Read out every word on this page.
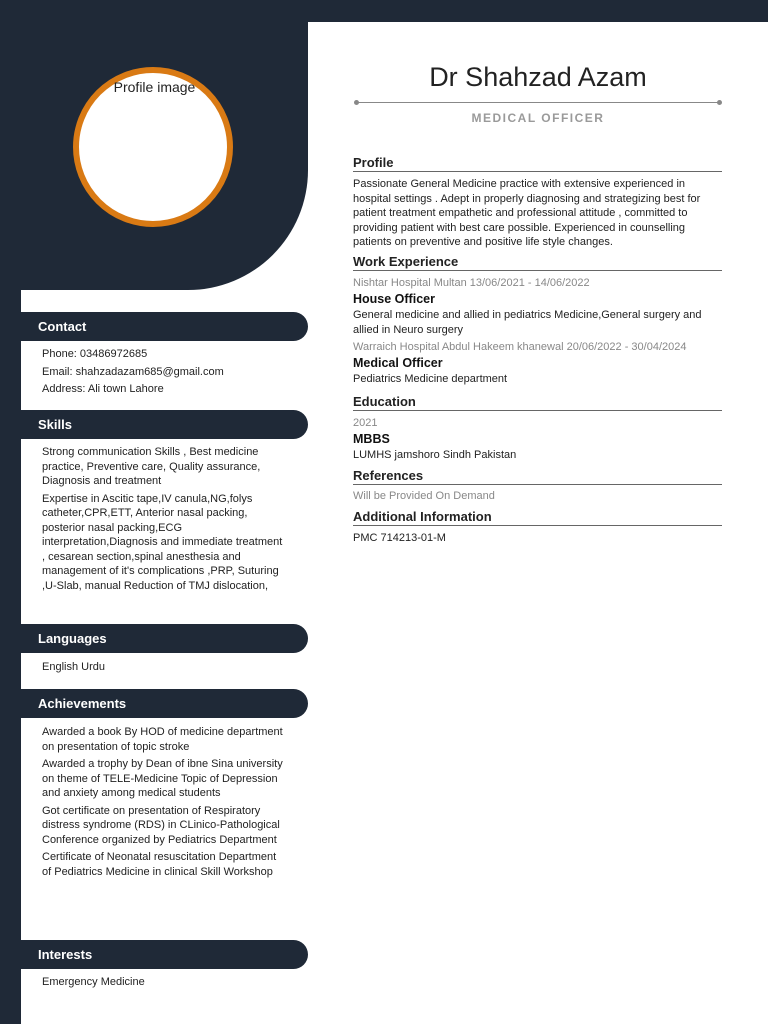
Profile image
Contact

Phone: 03486972685

Email: shahzadazam685@gmail.com

Address: Ali town Lahore

Skills

Strong communication Skills , Best medicine practice, Preventive care, Quality assurance, Diagnosis and treatment

Expertise in Ascitic tape,IV canula,NG,folys catheter,CPR,ETT, Anterior nasal packing, posterior nasal packing,ECG interpretation,Diagnosis and immediate treatment , cesarean section,spinal anesthesia and management of it's complications ,PRP, Suturing ,U-Slab, manual Reduction of TMJ dislocation,

Languages

English Urdu

Achievements

Awarded a book By HOD of medicine department on presentation of topic stroke

Awarded a trophy by Dean of ibne Sina university on theme of TELE-Medicine Topic of Depression and anxiety among medical students

Got certificate on presentation of Respiratory distress syndrome (RDS) in CLinico-Pathological Conference organized by Pediatrics Department

Certificate of Neonatal resuscitation Department of Pediatrics Medicine in clinical Skill Workshop

Interests

Emergency Medicine

Dr Shahzad Azam
MEDICAL OFFICER
Profile
Passionate General Medicine practice with extensive experienced in hospital settings . Adept in properly diagnosing and strategizing best for patient treatment empathetic and professional attitude , committed to providing patient with best care possible. Experienced in counselling patients on preventive and positive life style changes.
Work Experience
Nishtar Hospital Multan 13/06/2021 - 14/06/2022
House Officer
General medicine and allied in pediatrics Medicine,General surgery and allied in Neuro surgery
Warraich Hospital Abdul Hakeem khanewal 20/06/2022 - 30/04/2024
Medical Officer
Pediatrics Medicine department
Education
2021
MBBS
LUMHS jamshoro Sindh Pakistan
References
Will be Provided On Demand
Additional Information
PMC 714213-01-M
